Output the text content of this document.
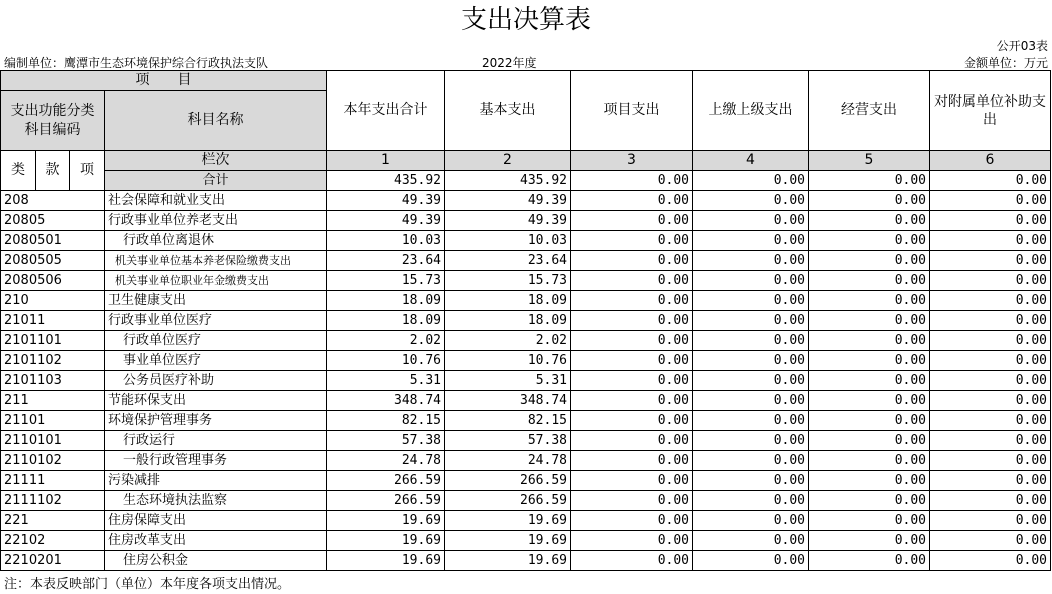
支出决算表
公开03表
编制单位：鹰潭市生态环境保护综合行政执法支队	2022年度	金额单位：万元
项　　目				本年支出合计	基本支出	项目支出	上缴上级支出	经营支出	对附属单位补助支出
支出功能分类科目编码			科目名称						

类	款	项	栏次	1	2	3	4	5	6
			合计	435.92	435.92	0.00	0.00	0.00	0.00
208			社会保障和就业支出	49.39	49.39	0.00	0.00	0.00	0.00
20805			行政事业单位养老支出	49.39	49.39	0.00	0.00	0.00	0.00
2080501			行政单位离退休	10.03	10.03	0.00	0.00	0.00	0.00
2080505			机关事业单位基本养老保险缴费支出	23.64	23.64	0.00	0.00	0.00	0.00
2080506			机关事业单位职业年金缴费支出	15.73	15.73	0.00	0.00	0.00	0.00
210			卫生健康支出	18.09	18.09	0.00	0.00	0.00	0.00
21011			行政事业单位医疗	18.09	18.09	0.00	0.00	0.00	0.00
2101101			行政单位医疗	2.02	2.02	0.00	0.00	0.00	0.00
2101102			事业单位医疗	10.76	10.76	0.00	0.00	0.00	0.00
2101103			公务员医疗补助	5.31	5.31	0.00	0.00	0.00	0.00
211			节能环保支出	348.74	348.74	0.00	0.00	0.00	0.00
21101			环境保护管理事务	82.15	82.15	0.00	0.00	0.00	0.00
2110101			行政运行	57.38	57.38	0.00	0.00	0.00	0.00
2110102			一般行政管理事务	24.78	24.78	0.00	0.00	0.00	0.00
21111			污染减排	266.59	266.59	0.00	0.00	0.00	0.00
2111102			生态环境执法监察	266.59	266.59	0.00	0.00	0.00	0.00
221			住房保障支出	19.69	19.69	0.00	0.00	0.00	0.00
22102			住房改革支出	19.69	19.69	0.00	0.00	0.00	0.00
2210201			住房公积金	19.69	19.69	0.00	0.00	0.00	0.00
注：本表反映部门（单位）本年度各项支出情况。
